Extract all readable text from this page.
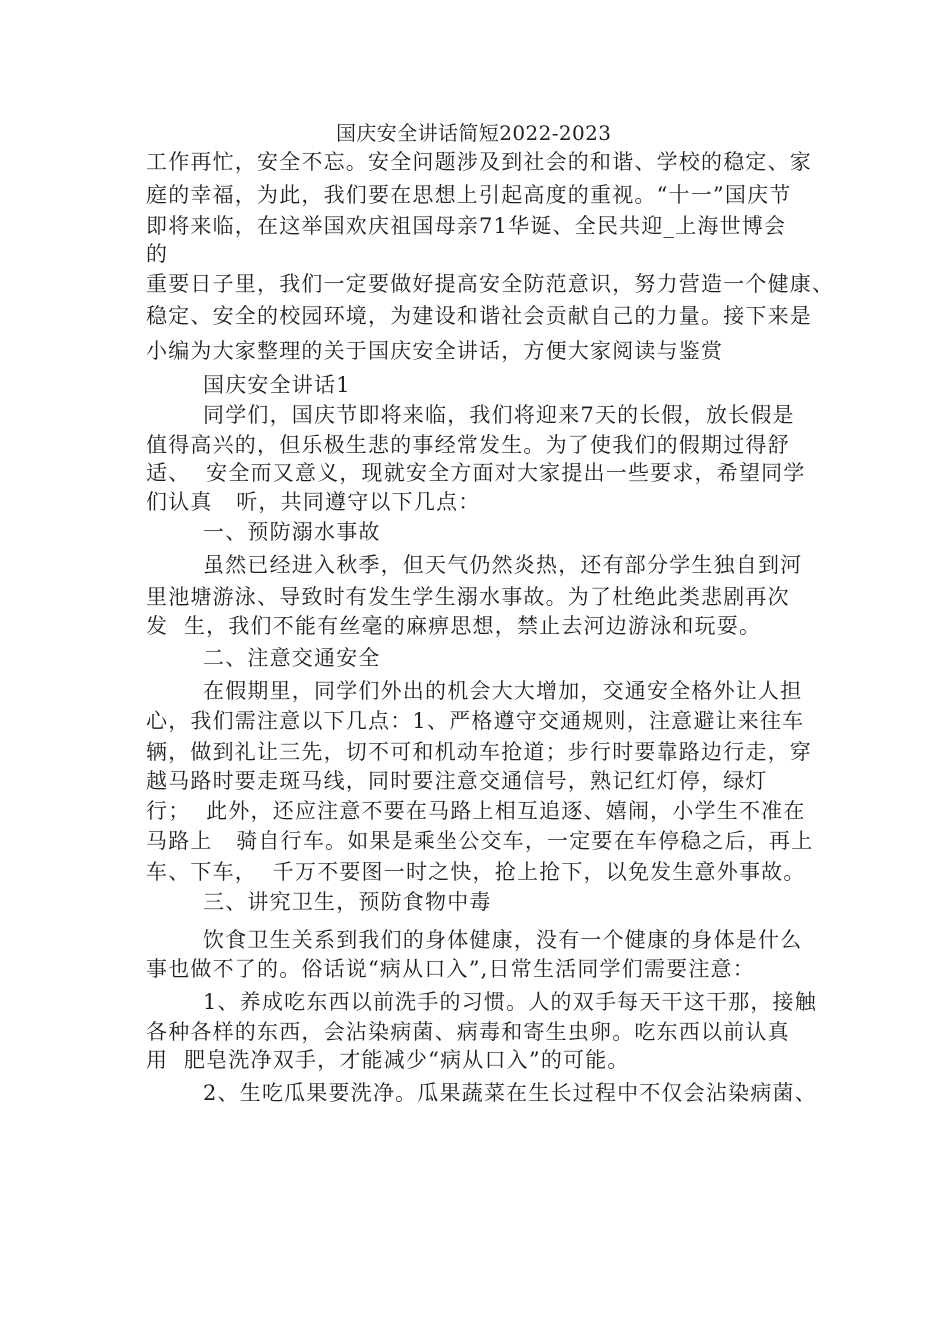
国庆安全讲话简短2022-2023

工作再忙，安全不忘。安全问题涉及到社会的和谐、学校的稳定、家

庭的幸福，为此，我们要在思想上引起高度的重视。“十一”国庆节

即将来临，在这举国欢庆祖国母亲71华诞、全民共迎_上海世博会

的

重要日子里，我们一定要做好提高安全防范意识，努力营造一个健康、

稳定、安全的校园环境，为建设和谐社会贡献自己的力量。接下来是

小编为大家整理的关于国庆安全讲话，方便大家阅读与鉴赏

国庆安全讲话1

同学们，国庆节即将来临，我们将迎来7天的长假，放长假是

值得高兴的，但乐极生悲的事经常发生。为了使我们的假期过得舒

适、  安全而又意义，现就安全方面对大家提出一些要求，希望同学

们认真   听，共同遵守以下几点：

一、预防溺水事故

虽然已经进入秋季，但天气仍然炎热，还有部分学生独自到河

里池塘游泳、导致时有发生学生溺水事故。为了杜绝此类悲剧再次

发  生，我们不能有丝毫的麻痹思想，禁止去河边游泳和玩耍。

二、注意交通安全

在假期里，同学们外出的机会大大增加，交通安全格外让人担

心，我们需注意以下几点：1、严格遵守交通规则，注意避让来往车

辆，做到礼让三先，切不可和机动车抢道；步行时要靠路边行走，穿

越马路时要走斑马线，同时要注意交通信号，熟记红灯停，绿灯

行；  此外，还应注意不要在马路上相互追逐、嬉闹，小学生不准在

马路上   骑自行车。如果是乘坐公交车，一定要在车停稳之后，再上

车、下车，  千万不要图一时之快，抢上抢下，以免发生意外事故。

三、讲究卫生，预防食物中毒

饮食卫生关系到我们的身体健康，没有一个健康的身体是什么

事也做不了的。俗话说“病从口入”,日常生活同学们需要注意：

1、养成吃东西以前洗手的习惯。人的双手每天干这干那，接触

各种各样的东西，会沾染病菌、病毒和寄生虫卵。吃东西以前认真

用  肥皂洗净双手，才能减少“病从口入”的可能。

2、生吃瓜果要洗净。瓜果蔬菜在生长过程中不仅会沾染病菌、
